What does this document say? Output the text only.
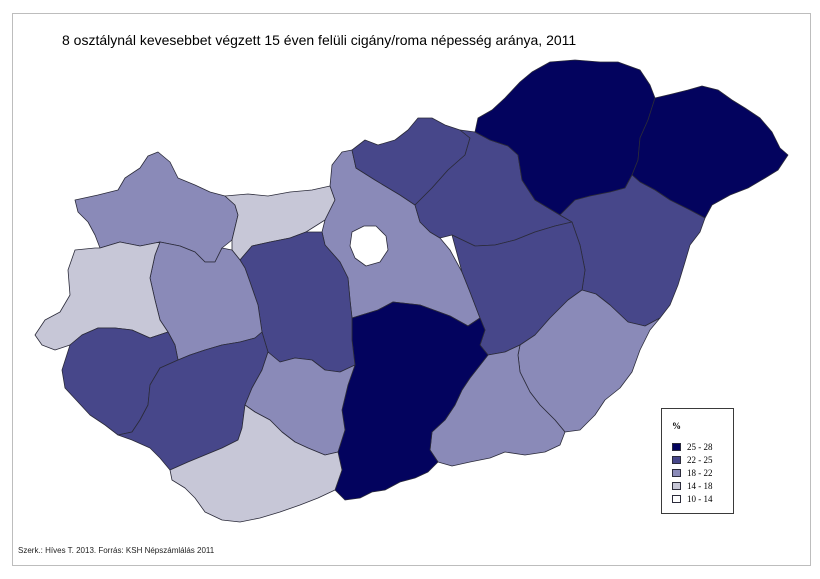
8 osztálynál kevesebbet végzett 15 éven felüli cigány/roma népesség aránya, 2011
%
25 - 28
22 - 25
18 - 22
14 - 18
10 - 14
Szerk.: Híves T. 2013. Forrás: KSH Népszámlálás 2011
